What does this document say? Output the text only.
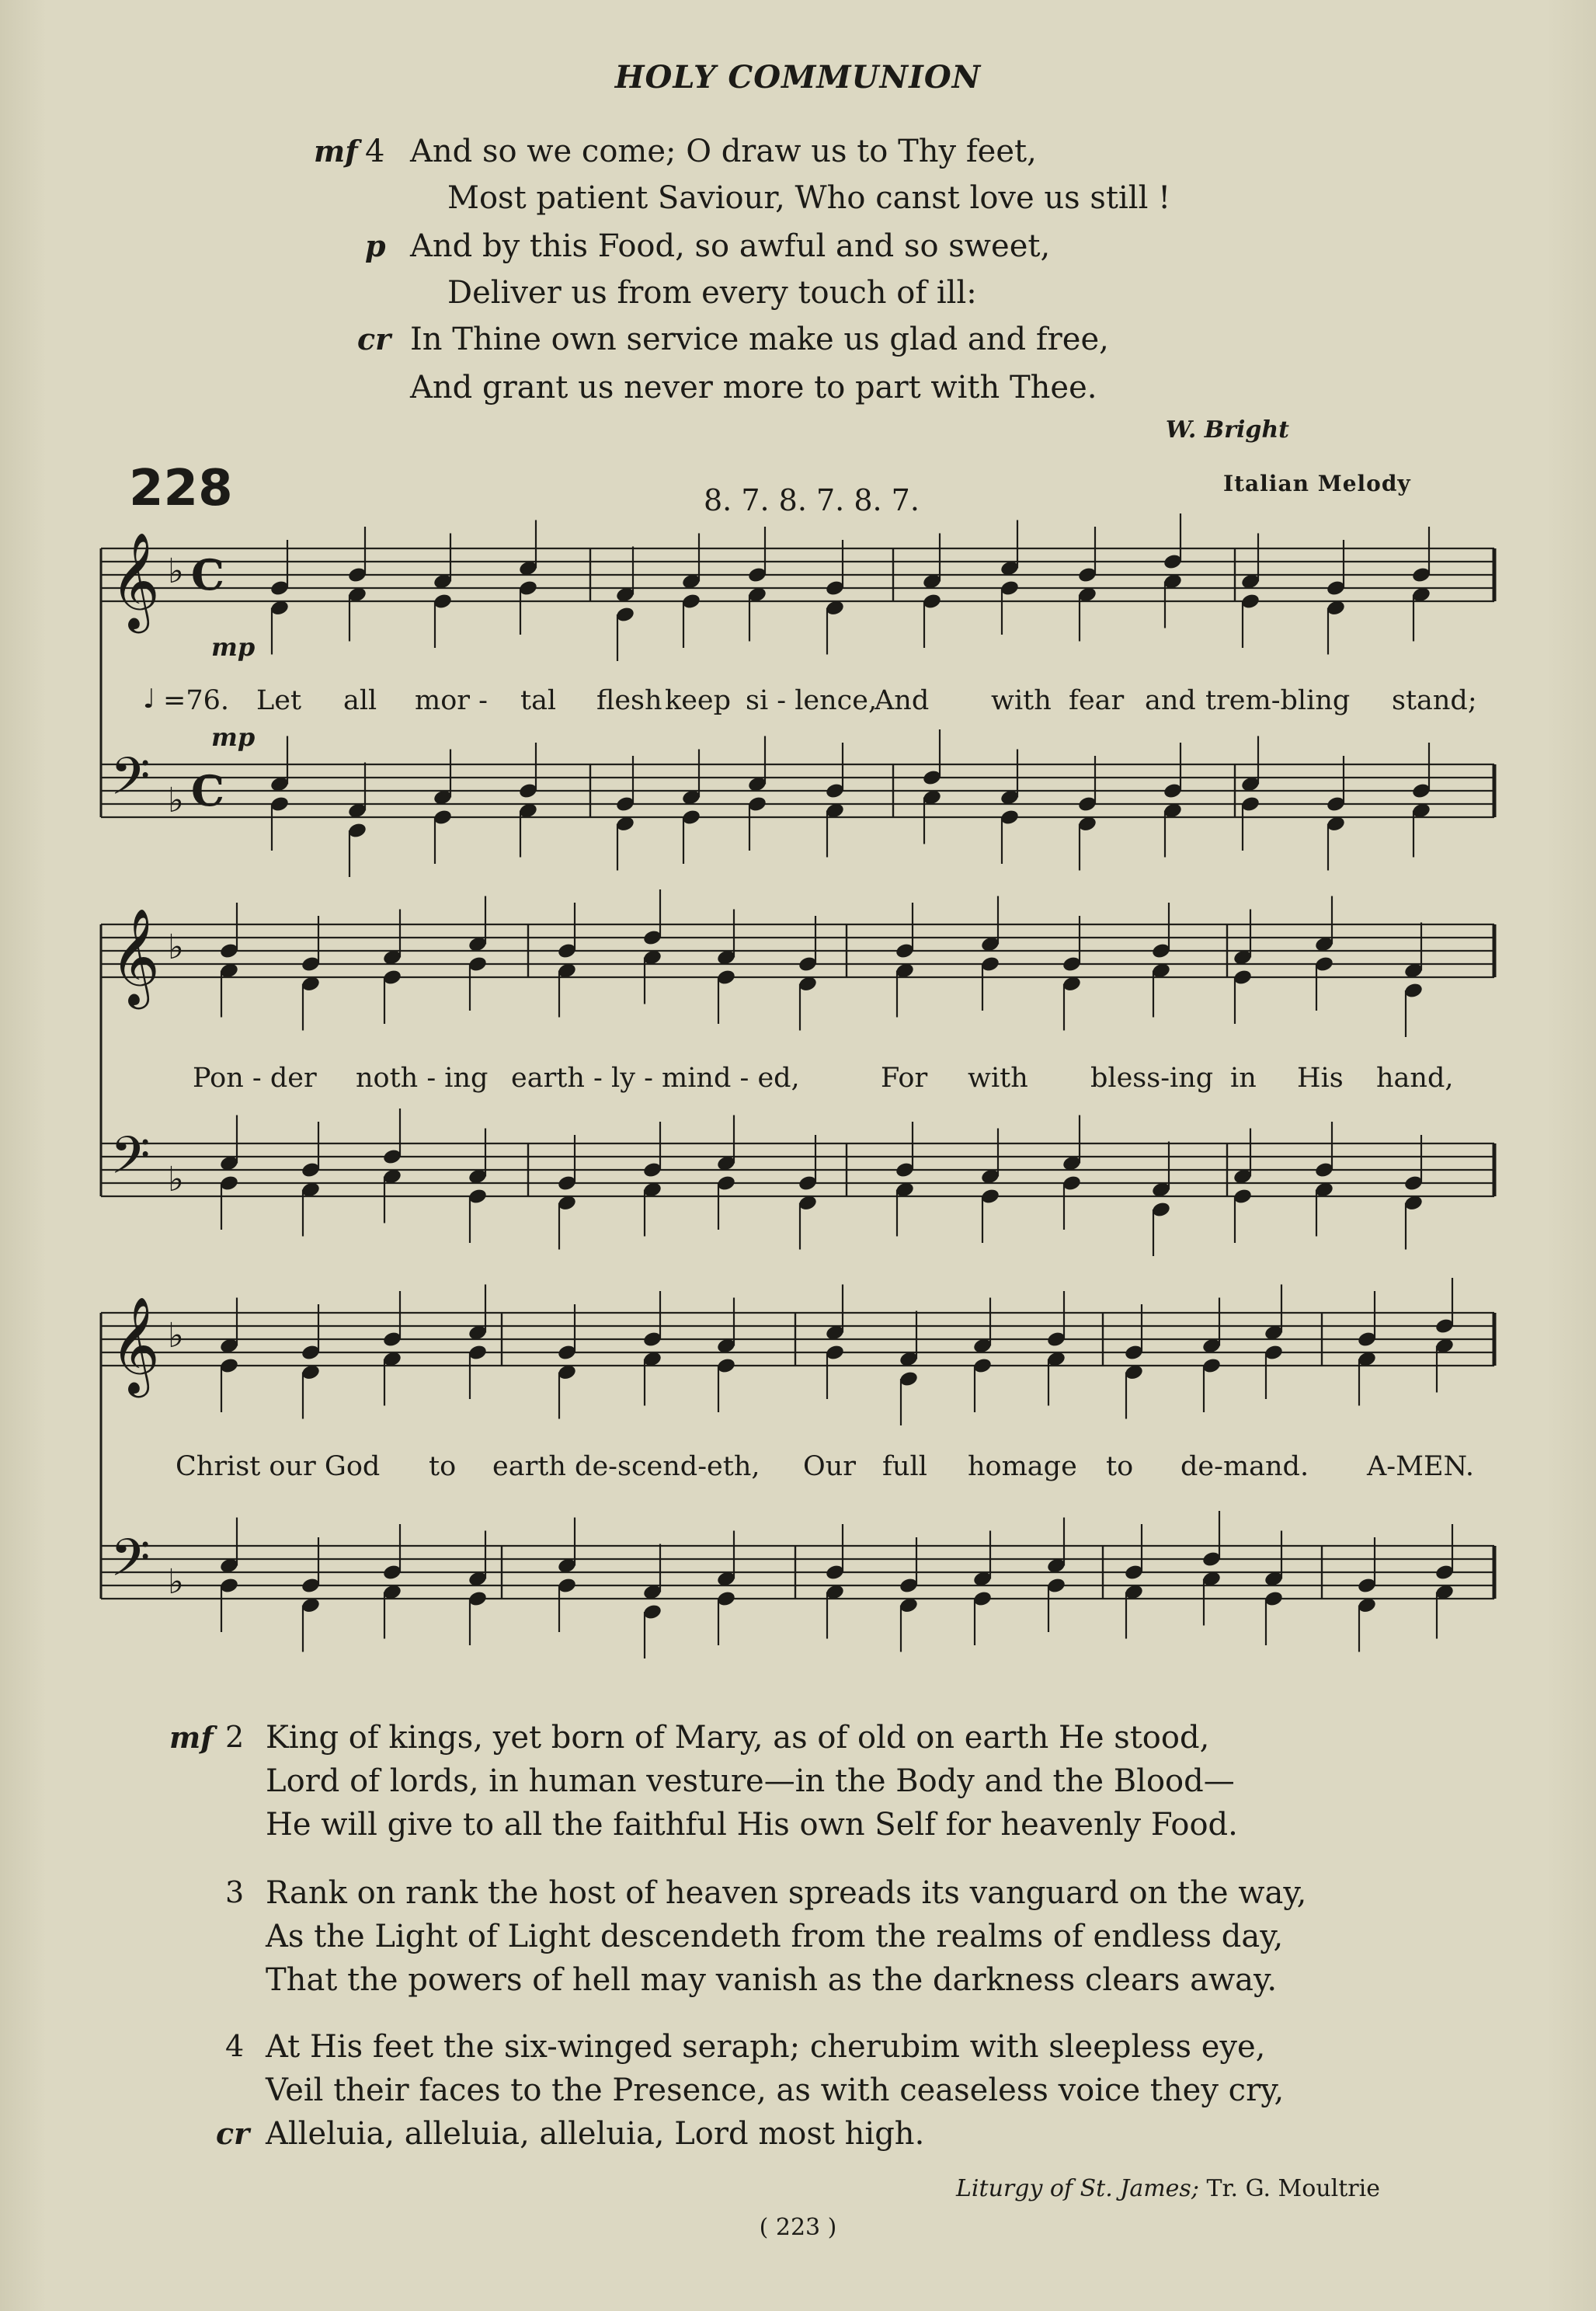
HOLY COMMUNION
mf 4 And so we come; O draw us to Thy feet,
Most patient Saviour, Who canst love us still !
p And by this Food, so awful and so sweet,
Deliver us from every touch of ill:
cr In Thine own service make us glad and free,
And grant us never more to part with Thee.
W. Bright
228	8. 7. 8. 7. 8. 7.	Italian Melody
𝄞 ♭ C
𝄢 ♭ C
𝄞 ♭
𝄢 ♭
𝄞 ♭
𝄢 ♭
mp
♩ =76.
mp
Let all mor - tal flesh keep si - lence,
And with fear and trem-bling stand;
Pon - der noth - ing earth - ly - mind - ed,	For with bless-ing in His hand,
Christ our God to earth de-scend-eth, Our full homage to de-mand. A-MEN.
mf 2 King of kings, yet born of Mary, as of old on earth He stood,
Lord of lords, in human vesture—in the Body and the Blood—
He will give to all the faithful His own Self for heavenly Food.
3 Rank on rank the host of heaven spreads its vanguard on the way,
As the Light of Light descendeth from the realms of endless day,
That the powers of hell may vanish as the darkness clears away.
4 At His feet the six-winged seraph; cherubim with sleepless eye,
Veil their faces to the Presence, as with ceaseless voice they cry,
cr Alleluia, alleluia, alleluia, Lord most high.
Liturgy of St. James; Tr. G. Moultrie
( 223 )
